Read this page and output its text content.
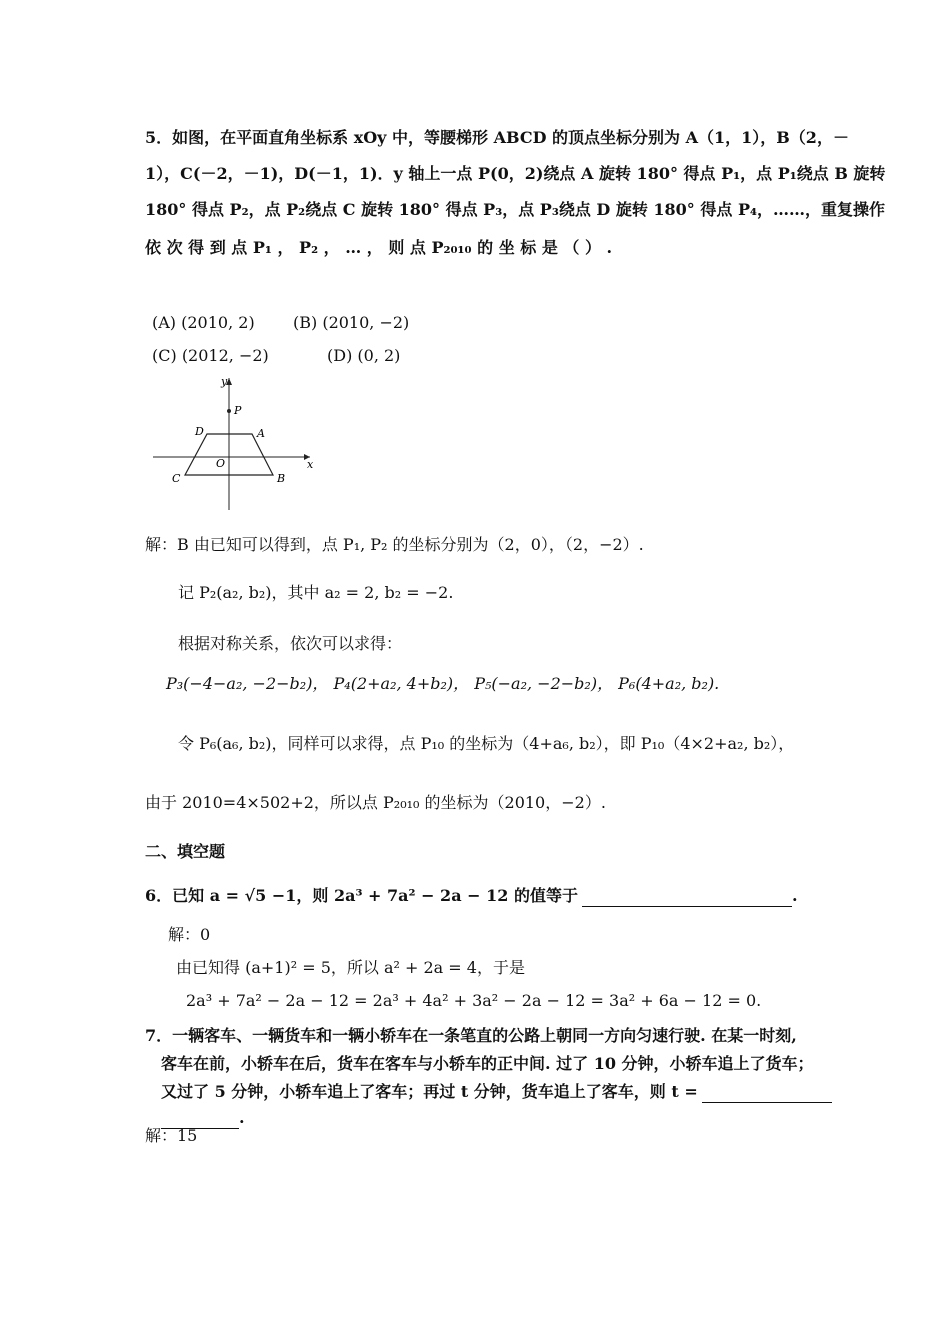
5．如图，在平面直角坐标系 xOy 中，等腰梯形 ABCD 的顶点坐标分别为 A（1，1），B（2，－
1），C(－2，－1)，D(－1，1)．y 轴上一点 P(0，2)绕点 A 旋转 180° 得点 P₁，点 P₁绕点 B 旋转
180° 得点 P₂，点 P₂绕点 C 旋转 180° 得点 P₃，点 P₃绕点 D 旋转 180° 得点 P₄，……，重复操作
依 次 得 到 点 P₁ ， P₂ ， … ， 则 点 P₂₀₁₀ 的 坐 标 是 （ ） .
(A) (2010, 2) (B) (2010, −2)
(C) (2012, −2)	(D) (0, 2)
y
x
P
D	A
O
C	B
解：B 由已知可以得到，点 P₁, P₂ 的坐标分别为（2，0），（2，−2）.
记 P₂(a₂, b₂)，其中 a₂ = 2, b₂ = −2.
根据对称关系，依次可以求得：
P₃(−4−a₂, −2−b₂)， P₄(2+a₂, 4+b₂)， P₅(−a₂, −2−b₂)， P₆(4+a₂, b₂).
令 P₆(a₆, b₂)，同样可以求得，点 P₁₀ 的坐标为（4+a₆, b₂），即 P₁₀（4×2+a₂, b₂），
由于 2010=4×502+2，所以点 P₂₀₁₀ 的坐标为（2010，−2）.
二、填空题
6．已知 a = √5 −1，则 2a³ + 7a² − 2a − 12 的值等于	.
解：0
由已知得 (a+1)² = 5，所以 a² + 2a = 4，于是
2a³ + 7a² − 2a − 12 = 2a³ + 4a² + 3a² − 2a − 12 = 3a² + 6a − 12 = 0.
7．一辆客车、一辆货车和一辆小轿车在一条笔直的公路上朝同一方向匀速行驶. 在某一时刻,
客车在前，小轿车在后，货车在客车与小轿车的正中间. 过了 10 分钟，小轿车追上了货车；
又过了 5 分钟，小轿车追上了客车；再过 t 分钟，货车追上了客车，则 t =
.
解：15
